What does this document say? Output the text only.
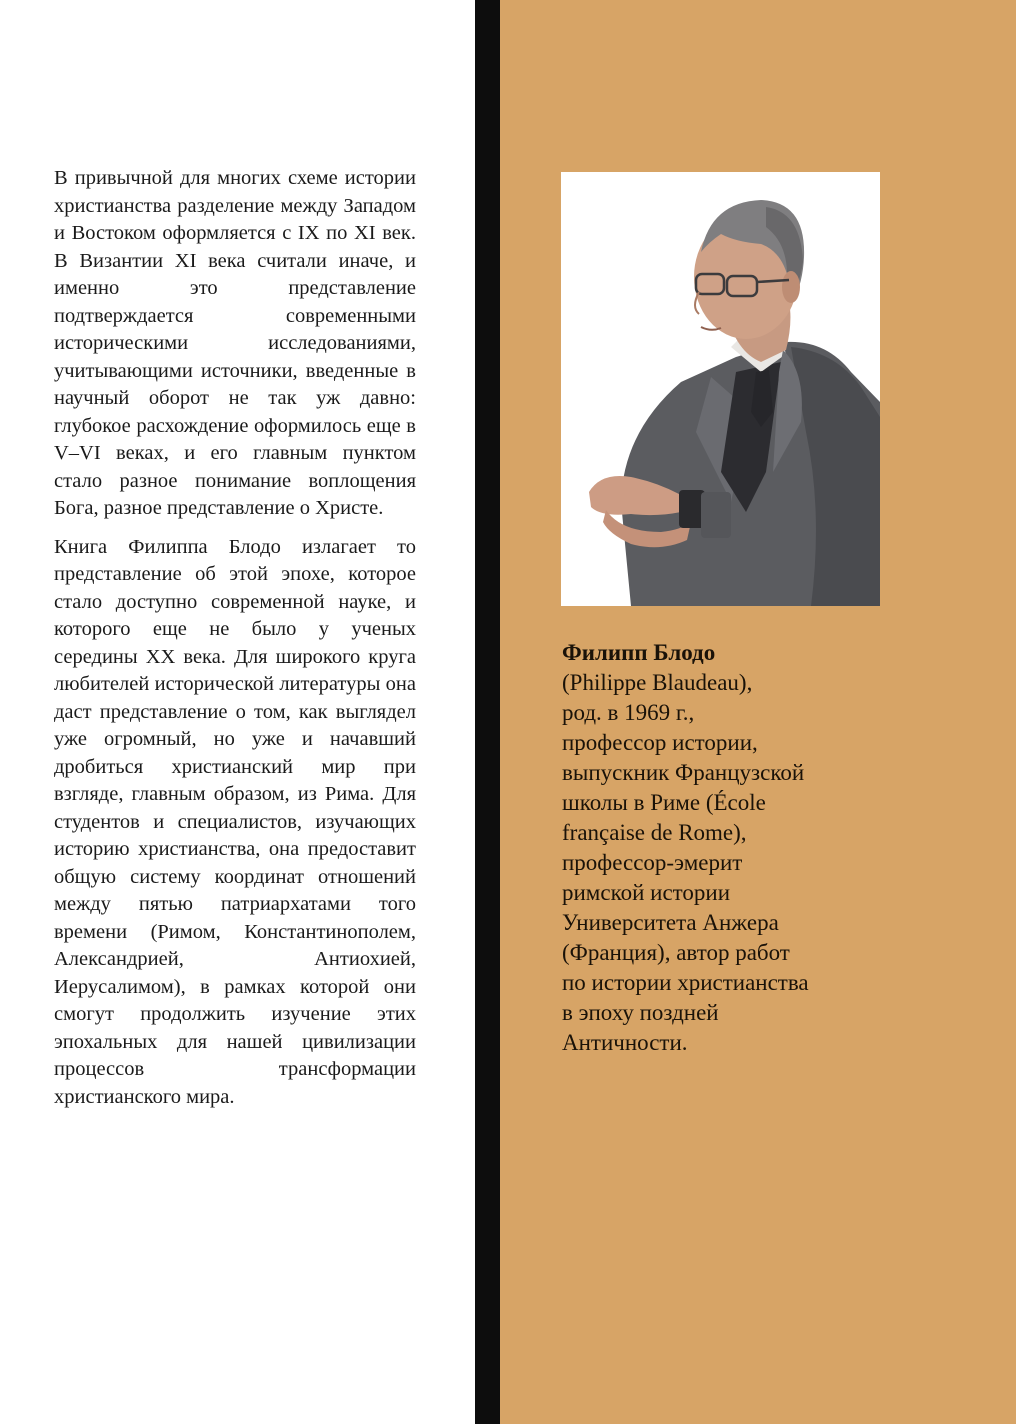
В привычной для многих схеме истории христианства разделение между Западом и Востоком оформляется с IX по XI век. В Византии XI века считали иначе, и именно это представление подтверждается современными историческими исследованиями, учитывающими источники, введенные в научный оборот не так уж давно: глубокое расхождение оформилось еще в V–VI веках, и его главным пунктом стало разное понимание воплощения Бога, разное представление о Христе.

Книга Филиппа Блодо излагает то представление об этой эпохе, которое стало доступно современной науке, и которого еще не было у ученых середины XX века. Для широкого круга любителей исторической литературы она даст представление о том, как выглядел уже огромный, но уже и начавший дробиться христианский мир при взгляде, главным образом, из Рима. Для студентов и специалистов, изучающих историю христианства, она предоставит общую систему координат отношений между пятью патриархатами того времени (Римом, Константинополем, Александрией, Антиохией, Иерусалимом), в рамках которой они смогут продолжить изучение этих эпохальных для нашей цивилизации процессов трансформации христианского мира.

Филипп Блодо
(Philippe Blaudeau),
род. в 1969 г.,
профессор истории,
выпускник Французской
школы в Риме (École
française de Rome),
профессор-эмерит
римской истории
Университета Анжера
(Франция), автор работ
по истории христианства
в эпоху поздней
Античности.
